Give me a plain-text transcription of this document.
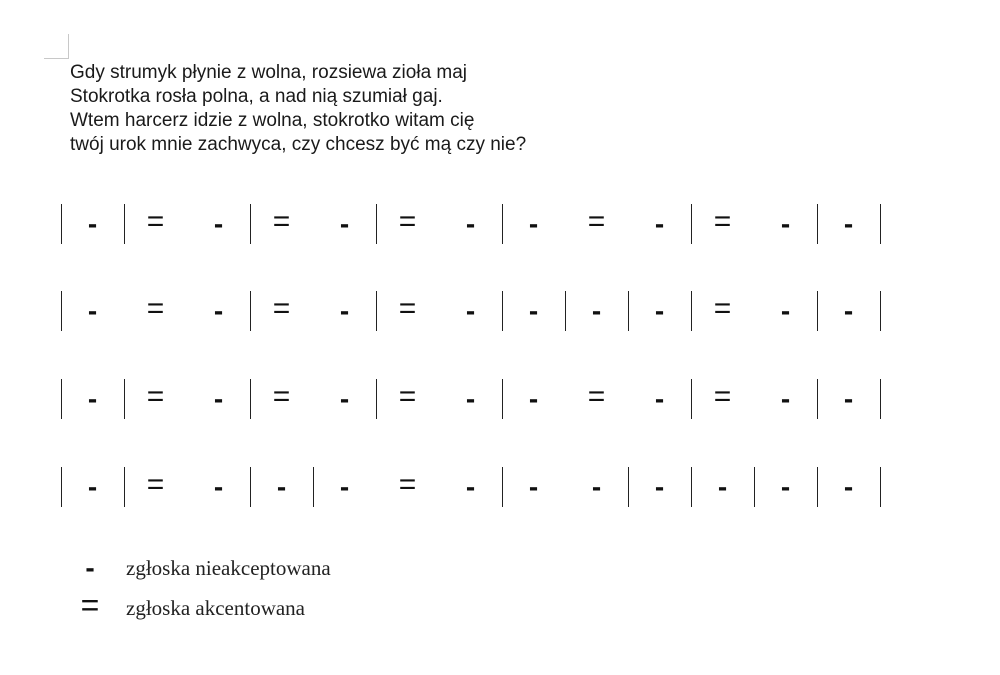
Gdy strumyk płynie z wolna, rozsiewa zioła maj
Stokrotka rosła polna, a nad nią szumiał gaj.
Wtem harcerz idzie z wolna, stokrotko witam cię
twój urok mnie zachwyca, czy chcesz być mą czy nie?
-	=	-	=	-	=	-	-	=	-	=	-	-
-	=	-	=	-	=	-	-	-	-	=	-	-
-	=	-	=	-	=	-	-	=	-	=	-	-
-	=	-	-	-	=	-	-	-	-	-	-	-
-	zgłoska nieakceptowana
=	zgłoska akcentowana
